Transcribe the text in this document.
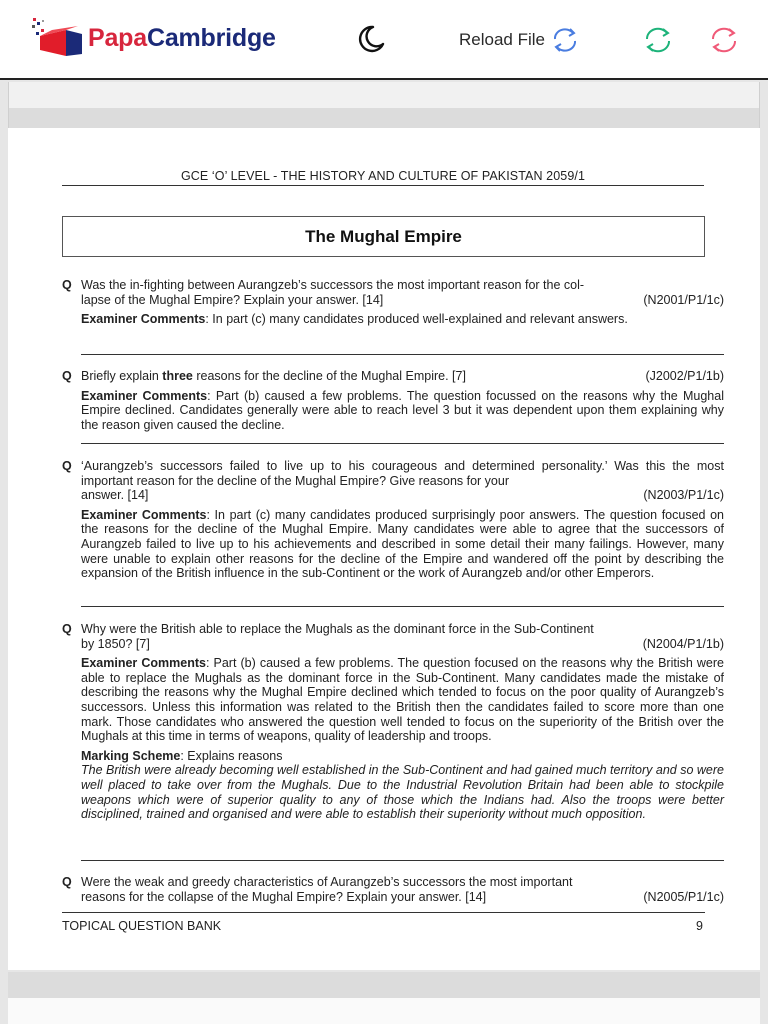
PapaCambridge	Reload File
GCE ‘O’ LEVEL - THE HISTORY AND CULTURE OF PAKISTAN 2059/1
The Mughal Empire
Q Was the in-fighting between Aurangzeb’s successors the most important reason for the col-
lapse of the Mughal Empire? Explain your answer. [14]	(N2001/P1/1c)
Examiner Comments: In part (c) many candidates produced well-explained and relevant answers.
Q Briefly explain three reasons for the decline of the Mughal Empire. [7]	(J2002/P1/1b)
Examiner Comments: Part (b) caused a few problems. The question focussed on the reasons why the Mughal Empire declined. Candidates generally were able to reach level 3 but it was dependent upon them explaining why the reason given caused the decline.
Q ‘Aurangzeb’s successors failed to live up to his courageous and determined personality.’ Was this the most important reason for the decline of the Mughal Empire? Give reasons for your
answer. [14]	(N2003/P1/1c)
Examiner Comments: In part (c) many candidates produced surprisingly poor answers. The question focused on the reasons for the decline of the Mughal Empire. Many candidates were able to agree that the successors of Aurangzeb failed to live up to his achievements and described in some detail their many failings. However, many were unable to explain other reasons for the decline of the Empire and wandered off the point by describing the expansion of the British influence in the sub-Continent or the work of Aurangzeb and/or other Emperors.
Q Why were the British able to replace the Mughals as the dominant force in the Sub-Continent
by 1850? [7]	(N2004/P1/1b)
Examiner Comments: Part (b) caused a few problems. The question focused on the reasons why the British were able to replace the Mughals as the dominant force in the Sub-Continent. Many candidates made the mistake of describing the reasons why the Mughal Empire declined which tended to focus on the poor quality of Aurangzeb’s successors. Unless this information was related to the British then the candidates failed to score more than one mark. Those candidates who answered the question well tended to focus on the superiority of the British over the Mughals at this time in terms of weapons, quality of leadership and troops.
Marking Scheme: Explains reasons
The British were already becoming well established in the Sub-Continent and had gained much territory and so were well placed to take over from the Mughals. Due to the Industrial Revolution Britain had been able to stockpile weapons which were of superior quality to any of those which the Indians had. Also the troops were better disciplined, trained and organised and were able to establish their superiority without much opposition.
Q Were the weak and greedy characteristics of Aurangzeb’s successors the most important
reasons for the collapse of the Mughal Empire? Explain your answer. [14]	(N2005/P1/1c)
TOPICAL QUESTION BANK	9
